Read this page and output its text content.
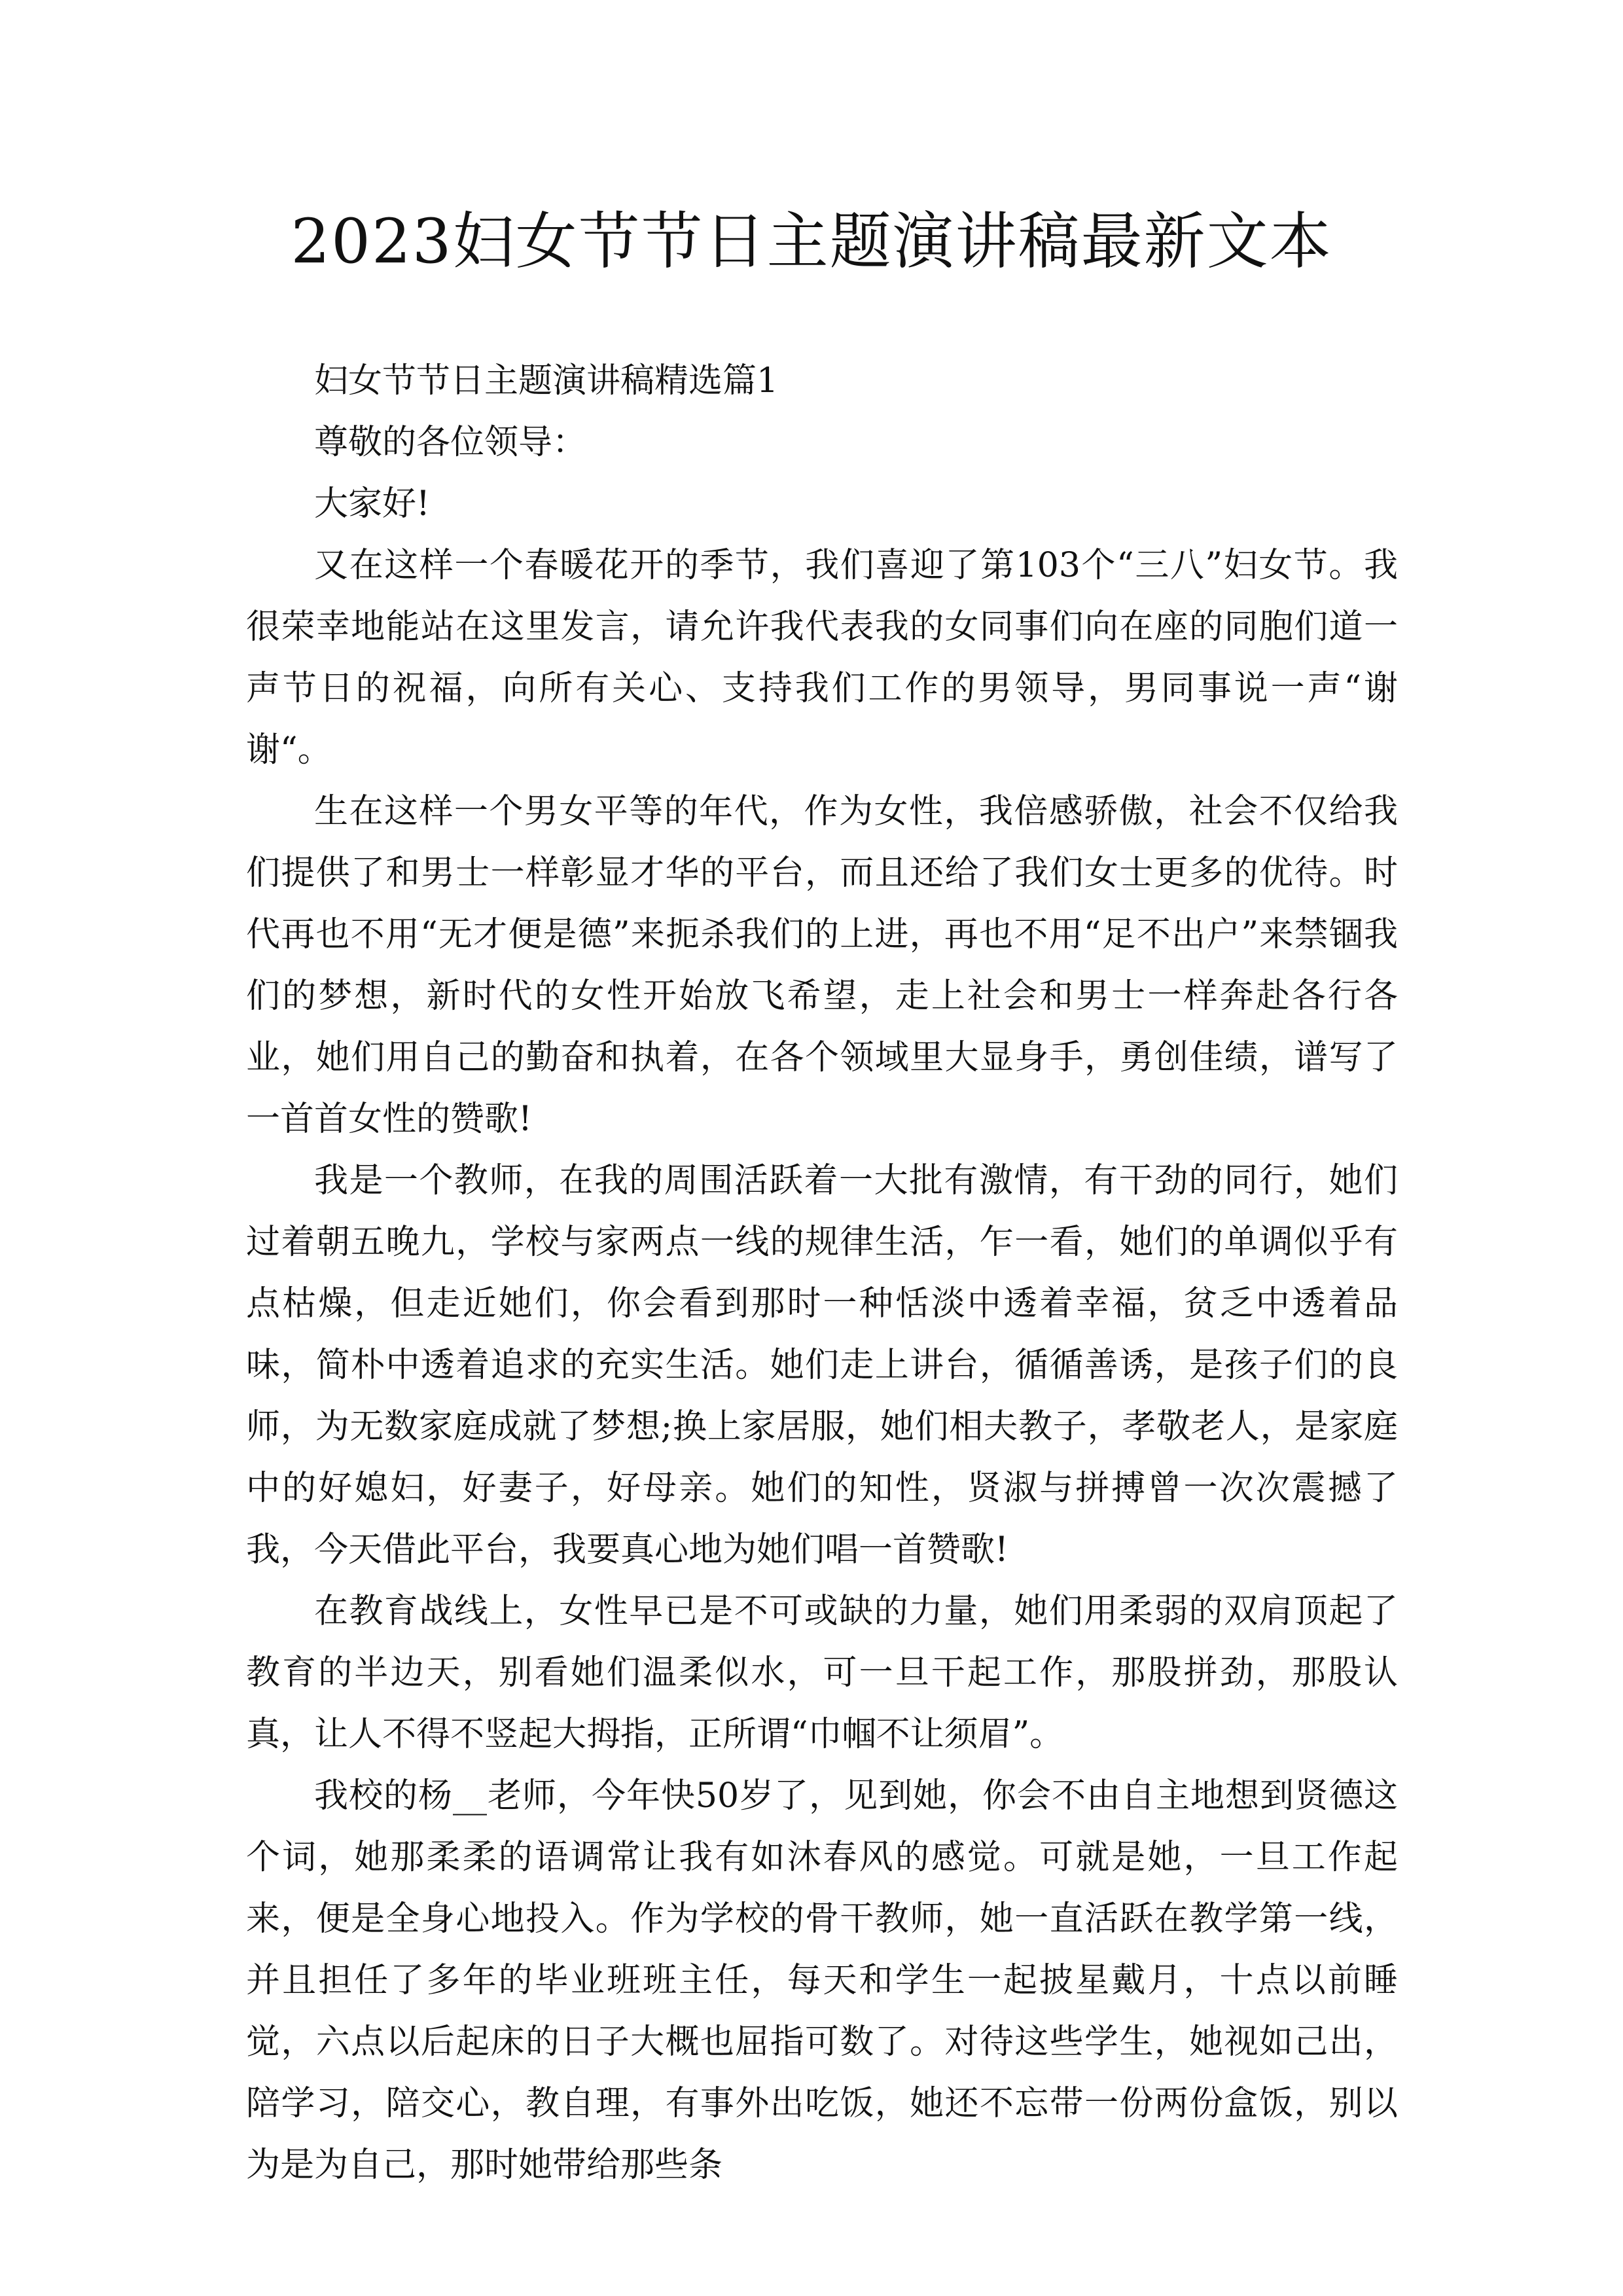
2023妇女节节日主题演讲稿最新文本

妇女节节日主题演讲稿精选篇1

尊敬的各位领导：

大家好!

又在这样一个春暖花开的季节，我们喜迎了第103个“三八”妇女节。我很荣幸地能站在这里发言，请允许我代表我的女同事们向在座的同胞们道一声节日的祝福，向所有关心、支持我们工作的男领导，男同事说一声“谢谢“。

生在这样一个男女平等的年代，作为女性，我倍感骄傲，社会不仅给我们提供了和男士一样彰显才华的平台，而且还给了我们女士更多的优待。时代再也不用“无才便是德”来扼杀我们的上进，再也不用“足不出户”来禁锢我们的梦想，新时代的女性开始放飞希望，走上社会和男士一样奔赴各行各业，她们用自己的勤奋和执着，在各个领域里大显身手，勇创佳绩，谱写了一首首女性的赞歌!

我是一个教师，在我的周围活跃着一大批有激情，有干劲的同行，她们过着朝五晚九，学校与家两点一线的规律生活，乍一看，她们的单调似乎有点枯燥，但走近她们，你会看到那时一种恬淡中透着幸福，贫乏中透着品味，简朴中透着追求的充实生活。她们走上讲台，循循善诱，是孩子们的良师，为无数家庭成就了梦想;换上家居服，她们相夫教子，孝敬老人，是家庭中的好媳妇，好妻子，好母亲。她们的知性，贤淑与拼搏曾一次次震撼了我，今天借此平台，我要真心地为她们唱一首赞歌!

在教育战线上，女性早已是不可或缺的力量，她们用柔弱的双肩顶起了教育的半边天，别看她们温柔似水，可一旦干起工作，那股拼劲，那股认真，让人不得不竖起大拇指，正所谓“巾帼不让须眉”。

我校的杨__老师，今年快50岁了，见到她，你会不由自主地想到贤德这个词，她那柔柔的语调常让我有如沐春风的感觉。可就是她，一旦工作起来，便是全身心地投入。作为学校的骨干教师，她一直活跃在教学第一线，并且担任了多年的毕业班班主任，每天和学生一起披星戴月，十点以前睡觉，六点以后起床的日子大概也屈指可数了。对待这些学生，她视如己出，陪学习，陪交心，教自理，有事外出吃饭，她还不忘带一份两份盒饭，别以为是为自己，那时她带给那些条
